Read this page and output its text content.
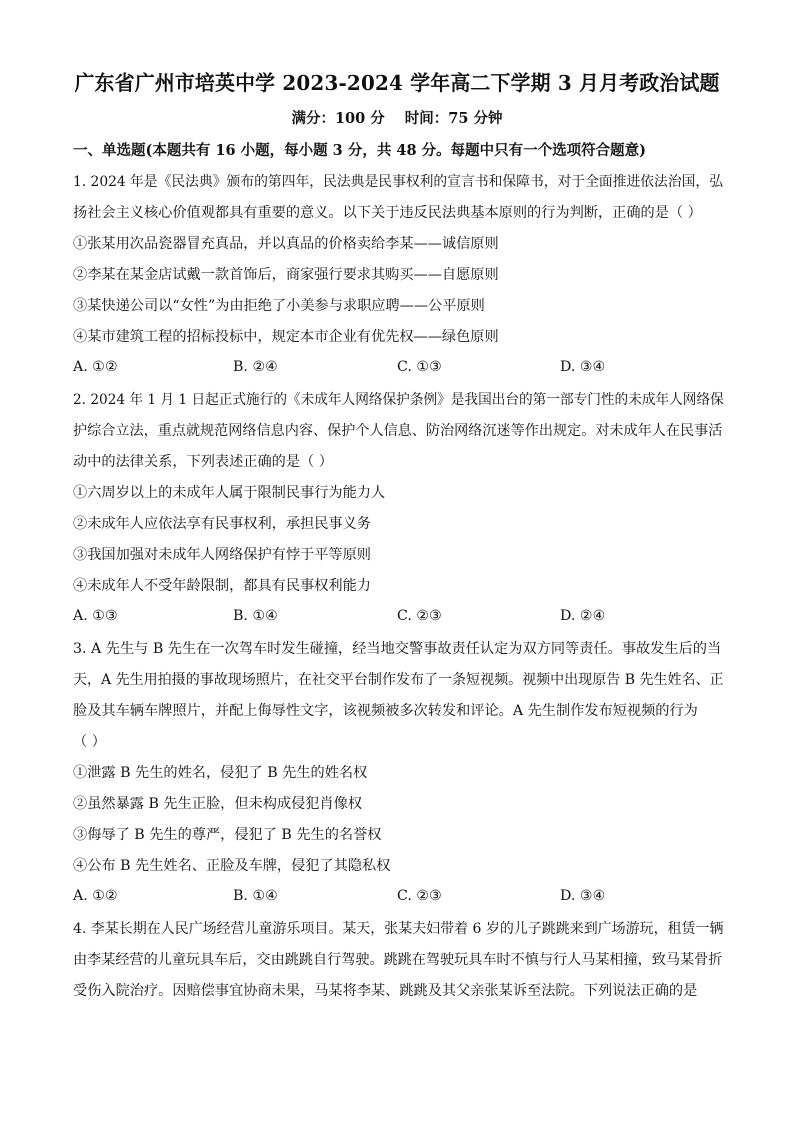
广东省广州市培英中学 2023-2024 学年高二下学期 3 月月考政治试题
满分：100 分 时间：75 分钟
一、单选题(本题共有 16 小题，每小题 3 分，共 48 分。每题中只有一个选项符合题意)
1. 2024 年是《民法典》颁布的第四年，民法典是民事权利的宣言书和保障书，对于全面推进依法治国，弘
扬社会主义核心价值观都具有重要的意义。以下关于违反民法典基本原则的行为判断，正确的是（ ）
①张某用次品瓷器冒充真品，并以真品的价格卖给李某——诚信原则
②李某在某金店试戴一款首饰后，商家强行要求其购买——自愿原则
③某快递公司以“女性”为由拒绝了小美参与求职应聘——公平原则
④某市建筑工程的招标投标中，规定本市企业有优先权——绿色原则
A. ①②	B. ②④	C. ①③	D. ③④
2. 2024 年 1 月 1 日起正式施行的《未成年人网络保护条例》是我国出台的第一部专门性的未成年人网络保
护综合立法，重点就规范网络信息内容、保护个人信息、防治网络沉迷等作出规定。对未成年人在民事活
动中的法律关系，下列表述正确的是（ ）
①六周岁以上的未成年人属于限制民事行为能力人
②未成年人应依法享有民事权利，承担民事义务
③我国加强对未成年人网络保护有悖于平等原则
④未成年人不受年龄限制，都具有民事权利能力
A. ①③	B. ①④	C. ②③	D. ②④
3. A 先生与 B 先生在一次驾车时发生碰撞，经当地交警事故责任认定为双方同等责任。事故发生后的当
天，A 先生用拍摄的事故现场照片，在社交平台制作发布了一条短视频。视频中出现原告 B 先生姓名、正
脸及其车辆车牌照片，并配上侮辱性文字，该视频被多次转发和评论。A 先生制作发布短视频的行为
（ ）
①泄露 B 先生的姓名，侵犯了 B 先生的姓名权
②虽然暴露 B 先生正脸，但未构成侵犯肖像权
③侮辱了 B 先生的尊严，侵犯了 B 先生的名誉权
④公布 B 先生姓名、正脸及车牌，侵犯了其隐私权
A. ①②	B. ①④	C. ②③	D. ③④
4. 李某长期在人民广场经营儿童游乐项目。某天，张某夫妇带着 6 岁的儿子跳跳来到广场游玩，租赁一辆
由李某经营的儿童玩具车后，交由跳跳自行驾驶。跳跳在驾驶玩具车时不慎与行人马某相撞，致马某骨折
受伤入院治疗。因赔偿事宜协商未果，马某将李某、跳跳及其父亲张某诉至法院。下列说法正确的是
